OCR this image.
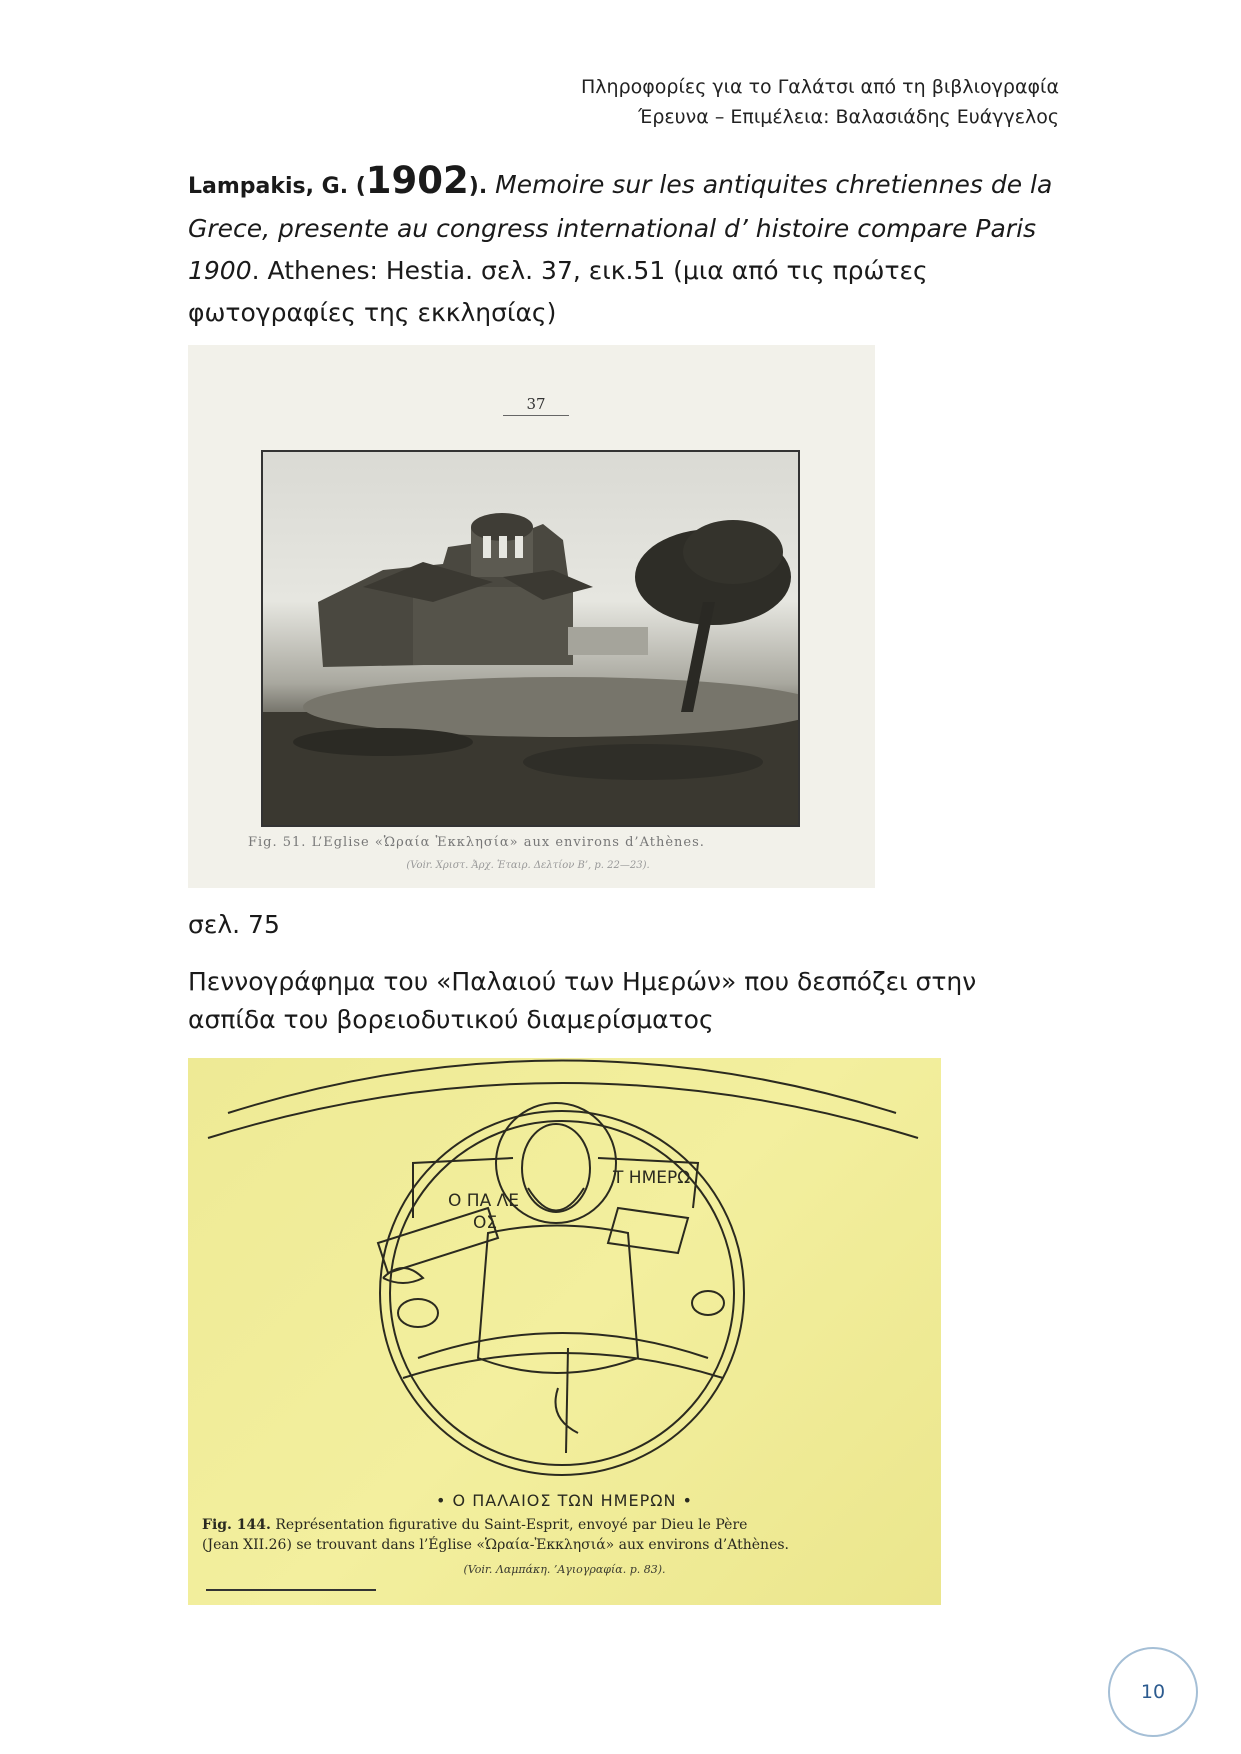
Πληροφορίες για το Γαλάτσι από τη βιβλιογραφία
Έρευνα – Επιμέλεια: Βαλασιάδης Ευάγγελος
Lampakis, G. (1902). Memoire sur les antiquites chretiennes de la Grece, presente au congress international d’ histoire compare Paris 1900. Athenes: Hestia. σελ. 37, εικ.51 (μια από τις πρώτες φωτογραφίες της εκκλησίας)
37
Fig. 51. L’Eglise «Ὡραία Ἐκκλησία» aux environs d’Athènes.
(Voir. Χριστ. Ἀρχ. Ἑταιρ. Δελτίον Β’, p. 22—23).
σελ. 75
Πεννογράφημα του «Παλαιού των Ημερών» που δεσπόζει στην ασπίδα του βορειοδυτικού διαμερίσματος
Ο ΠΑ ΛΕ
ΟΣ
Τ ΗΜΕΡΩ
• Ο ΠΑΛΑΙΟΣ ΤΩΝ ΗΜΕΡΩΝ •
Fig. 144. Représentation figurative du Saint-Esprit, envoyé par Dieu le Père
(Jean XII.26) se trouvant dans l’Église «Ὡραία-Ἐκκλησιά» aux environs d’Athènes.
(Voir. Λαμπάκη. ’Αγιογραφία. p. 83).
10
